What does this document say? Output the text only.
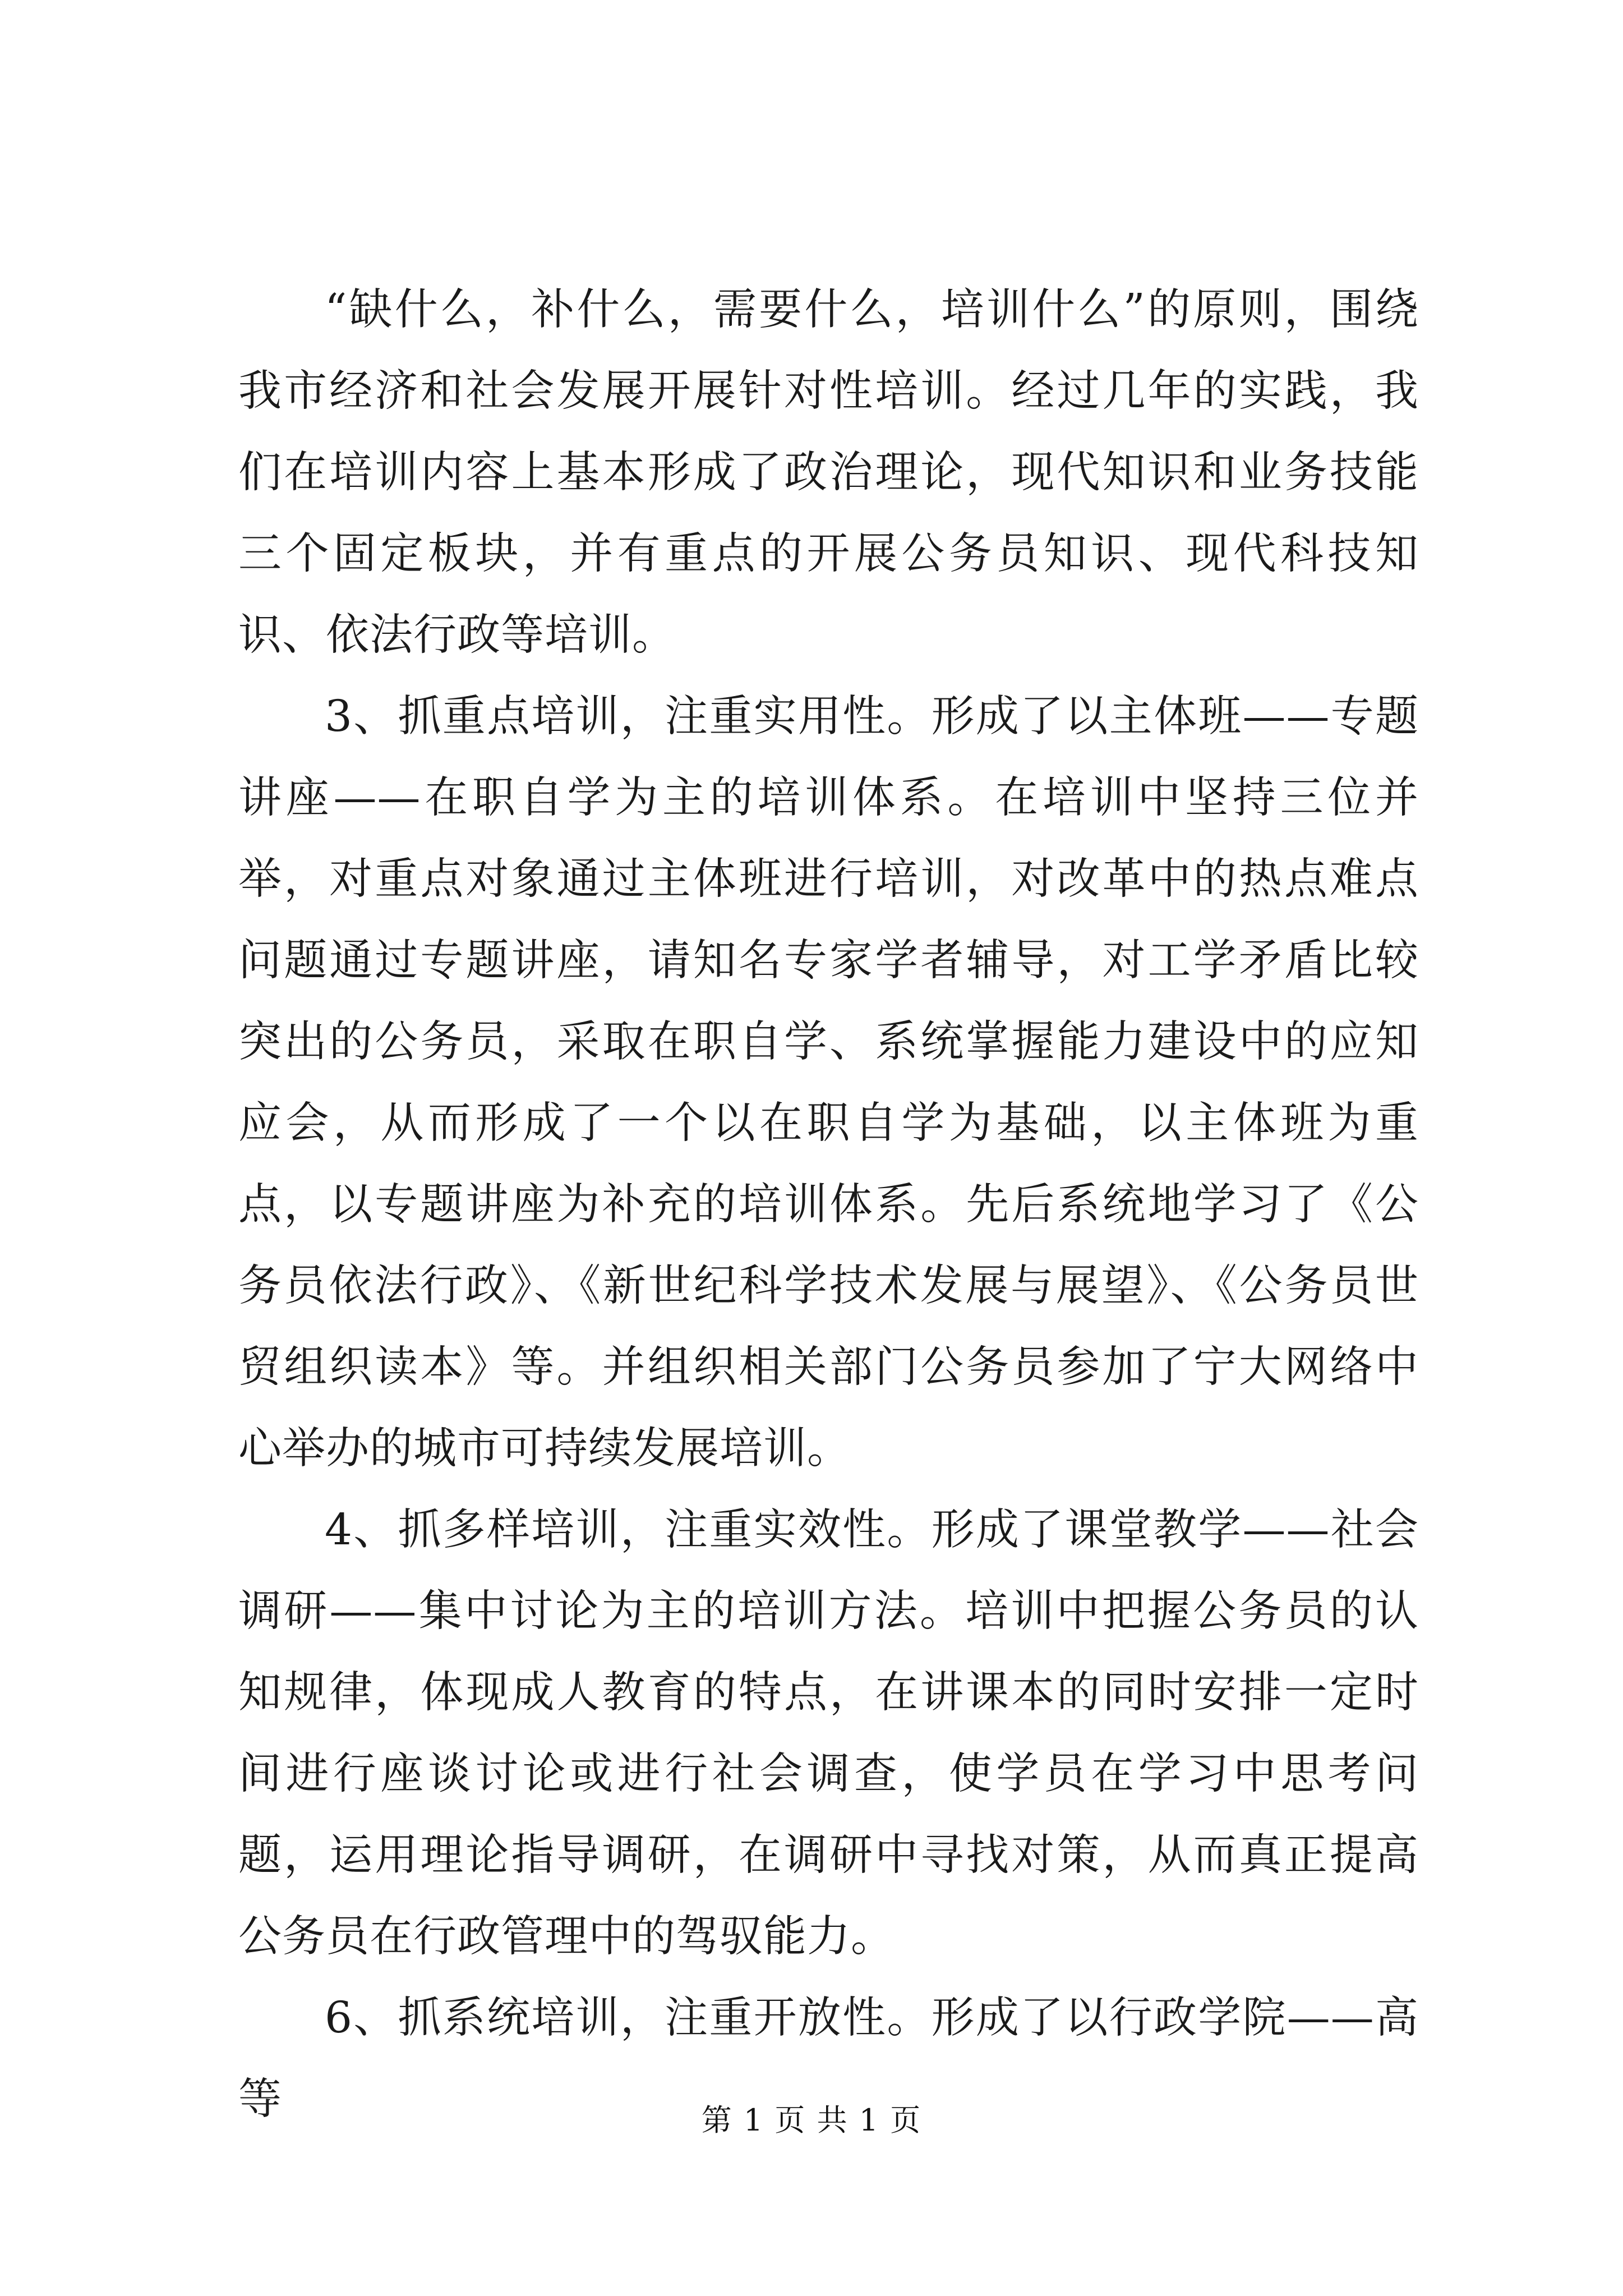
“缺什么，补什么，需要什么，培训什么”的原则，围绕我市经济和社会发展开展针对性培训。经过几年的实践，我们在培训内容上基本形成了政治理论，现代知识和业务技能三个固定板块，并有重点的开展公务员知识、现代科技知识、依法行政等培训。

3、抓重点培训，注重实用性。形成了以主体班——专题讲座——在职自学为主的培训体系。在培训中坚持三位并举，对重点对象通过主体班进行培训，对改革中的热点难点问题通过专题讲座，请知名专家学者辅导，对工学矛盾比较突出的公务员，采取在职自学、系统掌握能力建设中的应知应会，从而形成了一个以在职自学为基础，以主体班为重点，以专题讲座为补充的培训体系。先后系统地学习了《公务员依法行政》、《新世纪科学技术发展与展望》、《公务员世贸组织读本》等。并组织相关部门公务员参加了宁大网络中心举办的城市可持续发展培训。

4、抓多样培训，注重实效性。形成了课堂教学——社会调研——集中讨论为主的培训方法。培训中把握公务员的认知规律，体现成人教育的特点，在讲课本的同时安排一定时间进行座谈讨论或进行社会调查，使学员在学习中思考问题，运用理论指导调研，在调研中寻找对策，从而真正提高公务员在行政管理中的驾驭能力。

6、抓系统培训，注重开放性。形成了以行政学院——高等	第 1 页 共 1 页
